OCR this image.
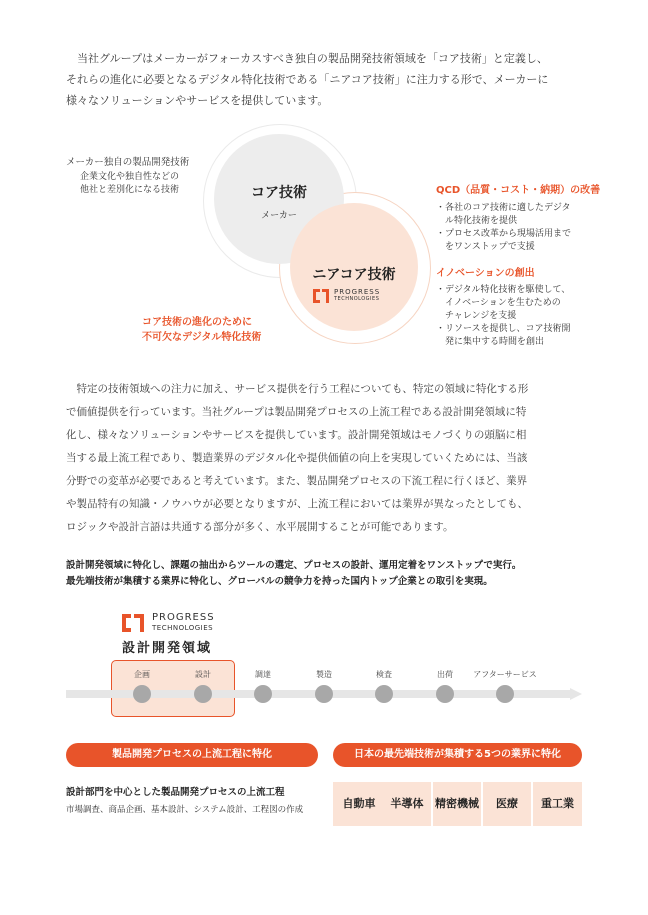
　当社グループはメーカーがフォーカスすべき独自の製品開発技術領域を「コア技術」と定義し、
それらの進化に必要となるデジタル特化技術である「ニアコア技術」に注力する形で、メーカーに
様々なソリューションやサービスを提供しています。
コア技術
メーカー
ニアコア技術
PROGRESS
TECHNOLOGIES
メーカー独自の製品開発技術
企業文化や独自性などの
他社と差別化になる技術
コア技術の進化のために
不可欠なデジタル特化技術
QCD（品質・コスト・納期）の改善
・各社のコア技術に適したデジタ
　ル特化技術を提供
・プロセス改革から現場活用まで
　をワンストップで支援
イノベーションの創出
・デジタル特化技術を駆使して、
　イノベーションを生むための
　チャレンジを支援
・リソースを提供し、コア技術開
　発に集中する時間を創出
　特定の技術領域への注力に加え、サービス提供を行う工程についても、特定の領域に特化する形
で価値提供を行っています。当社グループは製品開発プロセスの上流工程である設計開発領域に特
化し、様々なソリューションやサービスを提供しています。設計開発領域はモノづくりの頭脳に相
当する最上流工程であり、製造業界のデジタル化や提供価値の向上を実現していくためには、当該
分野での変革が必要であると考えています。また、製品開発プロセスの下流工程に行くほど、業界
や製品特有の知識・ノウハウが必要となりますが、上流工程においては業界が異なったとしても、
ロジックや設計言語は共通する部分が多く、水平展開することが可能であります。
設計開発領域に特化し、課題の抽出からツールの選定、プロセスの設計、運用定着をワンストップで実行。
最先端技術が集積する業界に特化し、グローバルの競争力を持った国内トップ企業との取引を実現。
PROGRESS
TECHNOLOGIES
設計開発領域
企画	設計	調達	製造	検査	出荷	アフターサービス
製品開発プロセスの上流工程に特化
設計部門を中心とした製品開発プロセスの上流工程
市場調査、商品企画、基本設計、システム設計、工程図の作成
日本の最先端技術が集積する5つの業界に特化
自動車	半導体	精密機械	医療	重工業
